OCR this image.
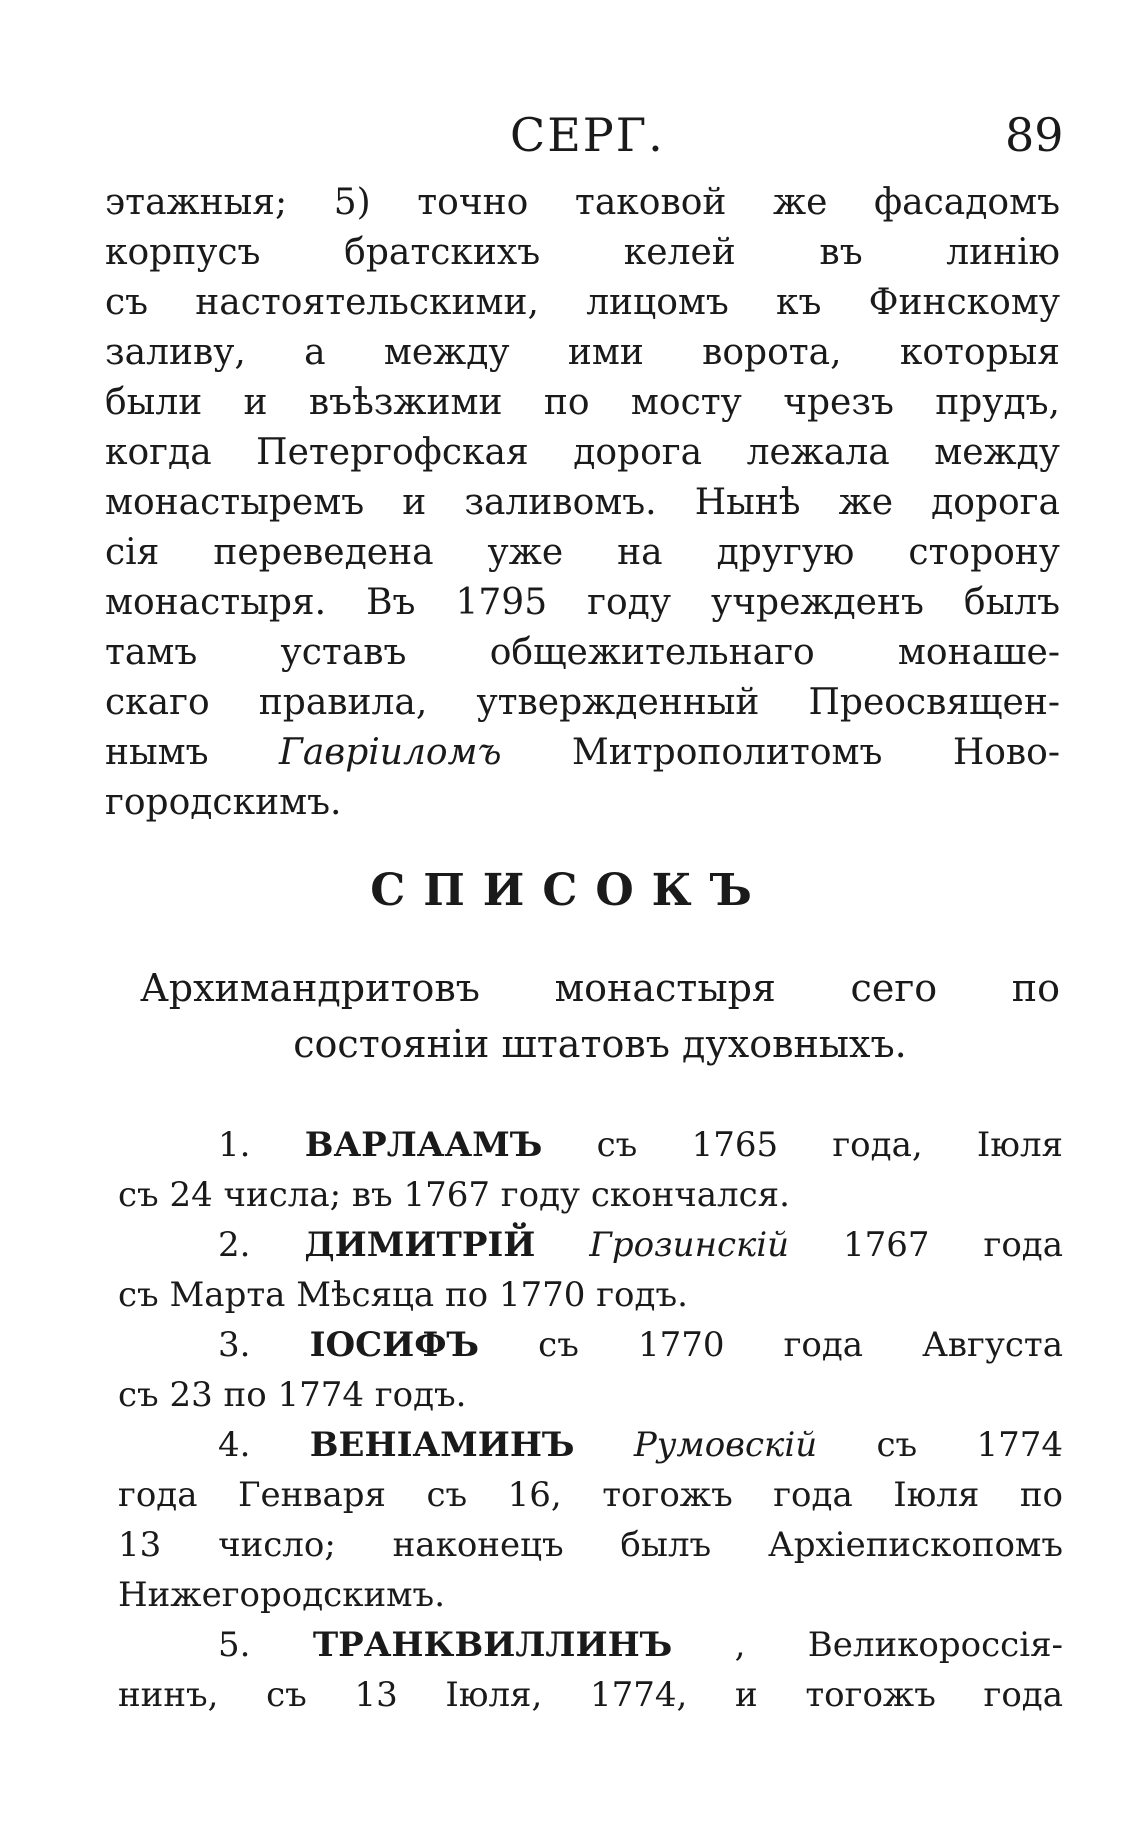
СЕРГ.	89
этажныя; 5) точно таковой же фасадомъ
корпусъ братскихъ келей въ линію
съ настоятельскими, лицомъ къ Финскому
заливу, а между ими ворота, которыя
были и въѣзжими по мосту чрезъ прудъ,
когда Петергофская дорога лежала между
монастыремъ и заливомъ. Нынѣ же дорога
сія переведена уже на другую сторону
монастыря. Въ 1795 году учрежденъ былъ
тамъ уставъ общежительнаго монаше-
скаго правила, утвержденный Преосвящен-
нымъ Гавріиломъ Митрополитомъ Ново-
городскимъ.
СПИСОКЪ
Архимандритовъ монастыря сего по
состояніи штатовъ духовныхъ.
1. ВАРЛААМЪ съ 1765 года, Іюля
съ 24 числа; въ 1767 году скончался.
2. ДИМИТРІЙ Грозинскій 1767 года
съ Марта Мѣсяца по 1770 годъ.
3. ІОСИФЪ съ 1770 года Августа
съ 23 по 1774 годъ.
4. ВЕНІАМИНЪ Румовскій съ 1774
года Генваря съ 16, тогожъ года Іюля по
13 число; наконецъ былъ Архіепископомъ
Нижегородскимъ.
5. ТРАНКВИЛЛИНЪ , Великороссія-
нинъ, съ 13 Іюля, 1774, и тогожъ года
